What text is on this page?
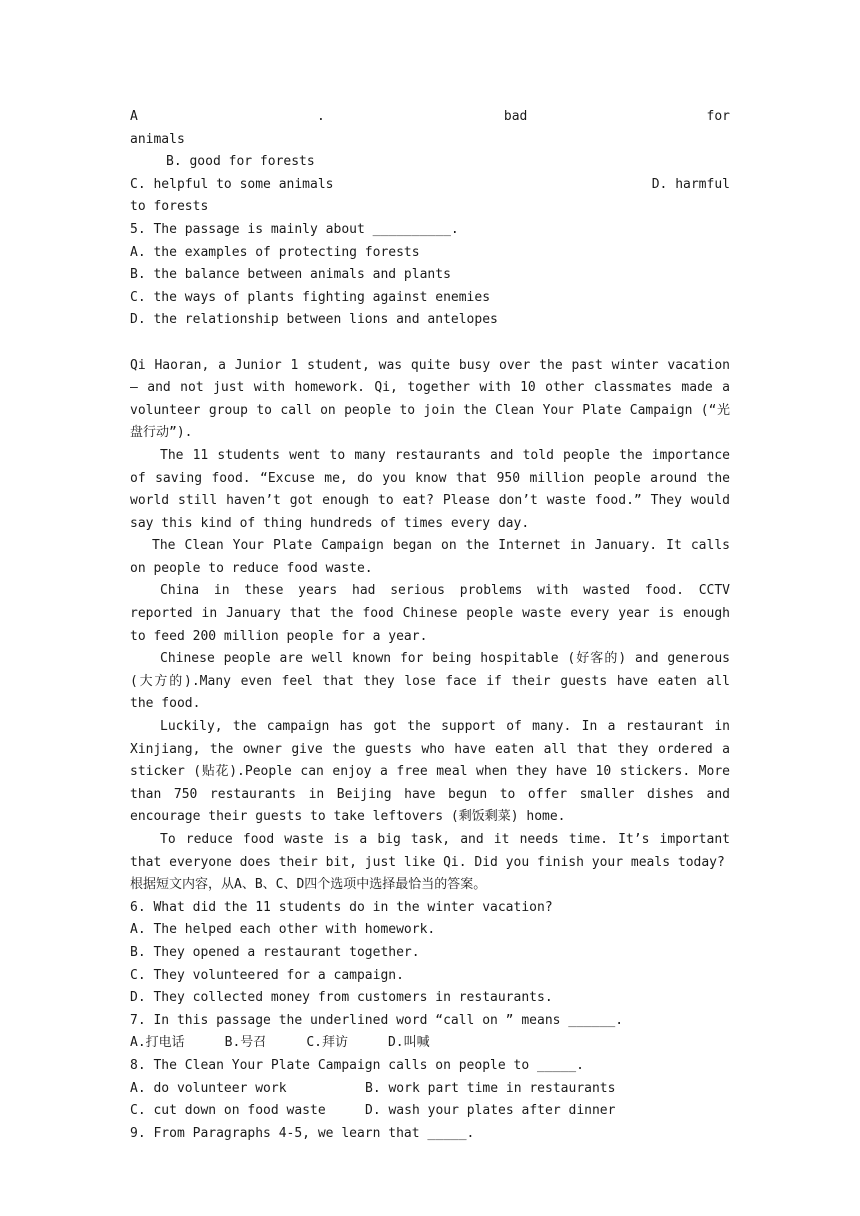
A	.	bad	for
animals
B. good for forests
C. helpful to some animals	D. harmful
to forests
5. The passage is mainly about __________.
A. the examples of protecting forests
B. the balance between animals and plants
C. the ways of plants fighting against enemies
D. the relationship between lions and antelopes
Qi Haoran, a Junior 1 student, was quite busy over the past winter vacation – and not just with homework. Qi, together with 10 other classmates made a volunteer group to call on people to join the Clean Your Plate Campaign (“光盘行动”).
The 11 students went to many restaurants and told people the importance of saving food. “Excuse me, do you know that 950 million people around the world still haven’t got enough to eat? Please don’t waste food.” They would say this kind of thing hundreds of times every day.
The Clean Your Plate Campaign began on the Internet in January. It calls on people to reduce food waste.
China in these years had serious problems with wasted food. CCTV reported in January that the food Chinese people waste every year is enough to feed 200 million people for a year.
Chinese people are well known for being hospitable (好客的) and generous (大方的).Many even feel that they lose face if their guests have eaten all the food.
Luckily, the campaign has got the support of many. In a restaurant in Xinjiang, the owner give the guests who have eaten all that they ordered a sticker (贴花).People can enjoy a free meal when they have 10 stickers. More than 750 restaurants in Beijing have begun to offer smaller dishes and encourage their guests to take leftovers (剩饭剩菜) home.
To reduce food waste is a big task, and it needs time. It’s important that everyone does their bit, just like Qi. Did you finish your meals today?
根据短文内容，从A、B、C、D四个选项中选择最恰当的答案。
6. What did the 11 students do in the winter vacation?
A. The helped each other with homework.
B. They opened a restaurant together.
C. They volunteered for a campaign.
D. They collected money from customers in restaurants.
7. In this passage the underlined word “call on ” means ______.
A.打电话	B.号召	C.拜访	D.叫喊
8. The Clean Your Plate Campaign calls on people to _____.
A. do volunteer work	B. work part time in restaurants
C. cut down on food waste	D. wash your plates after dinner
9. From Paragraphs 4-5, we learn that _____.
